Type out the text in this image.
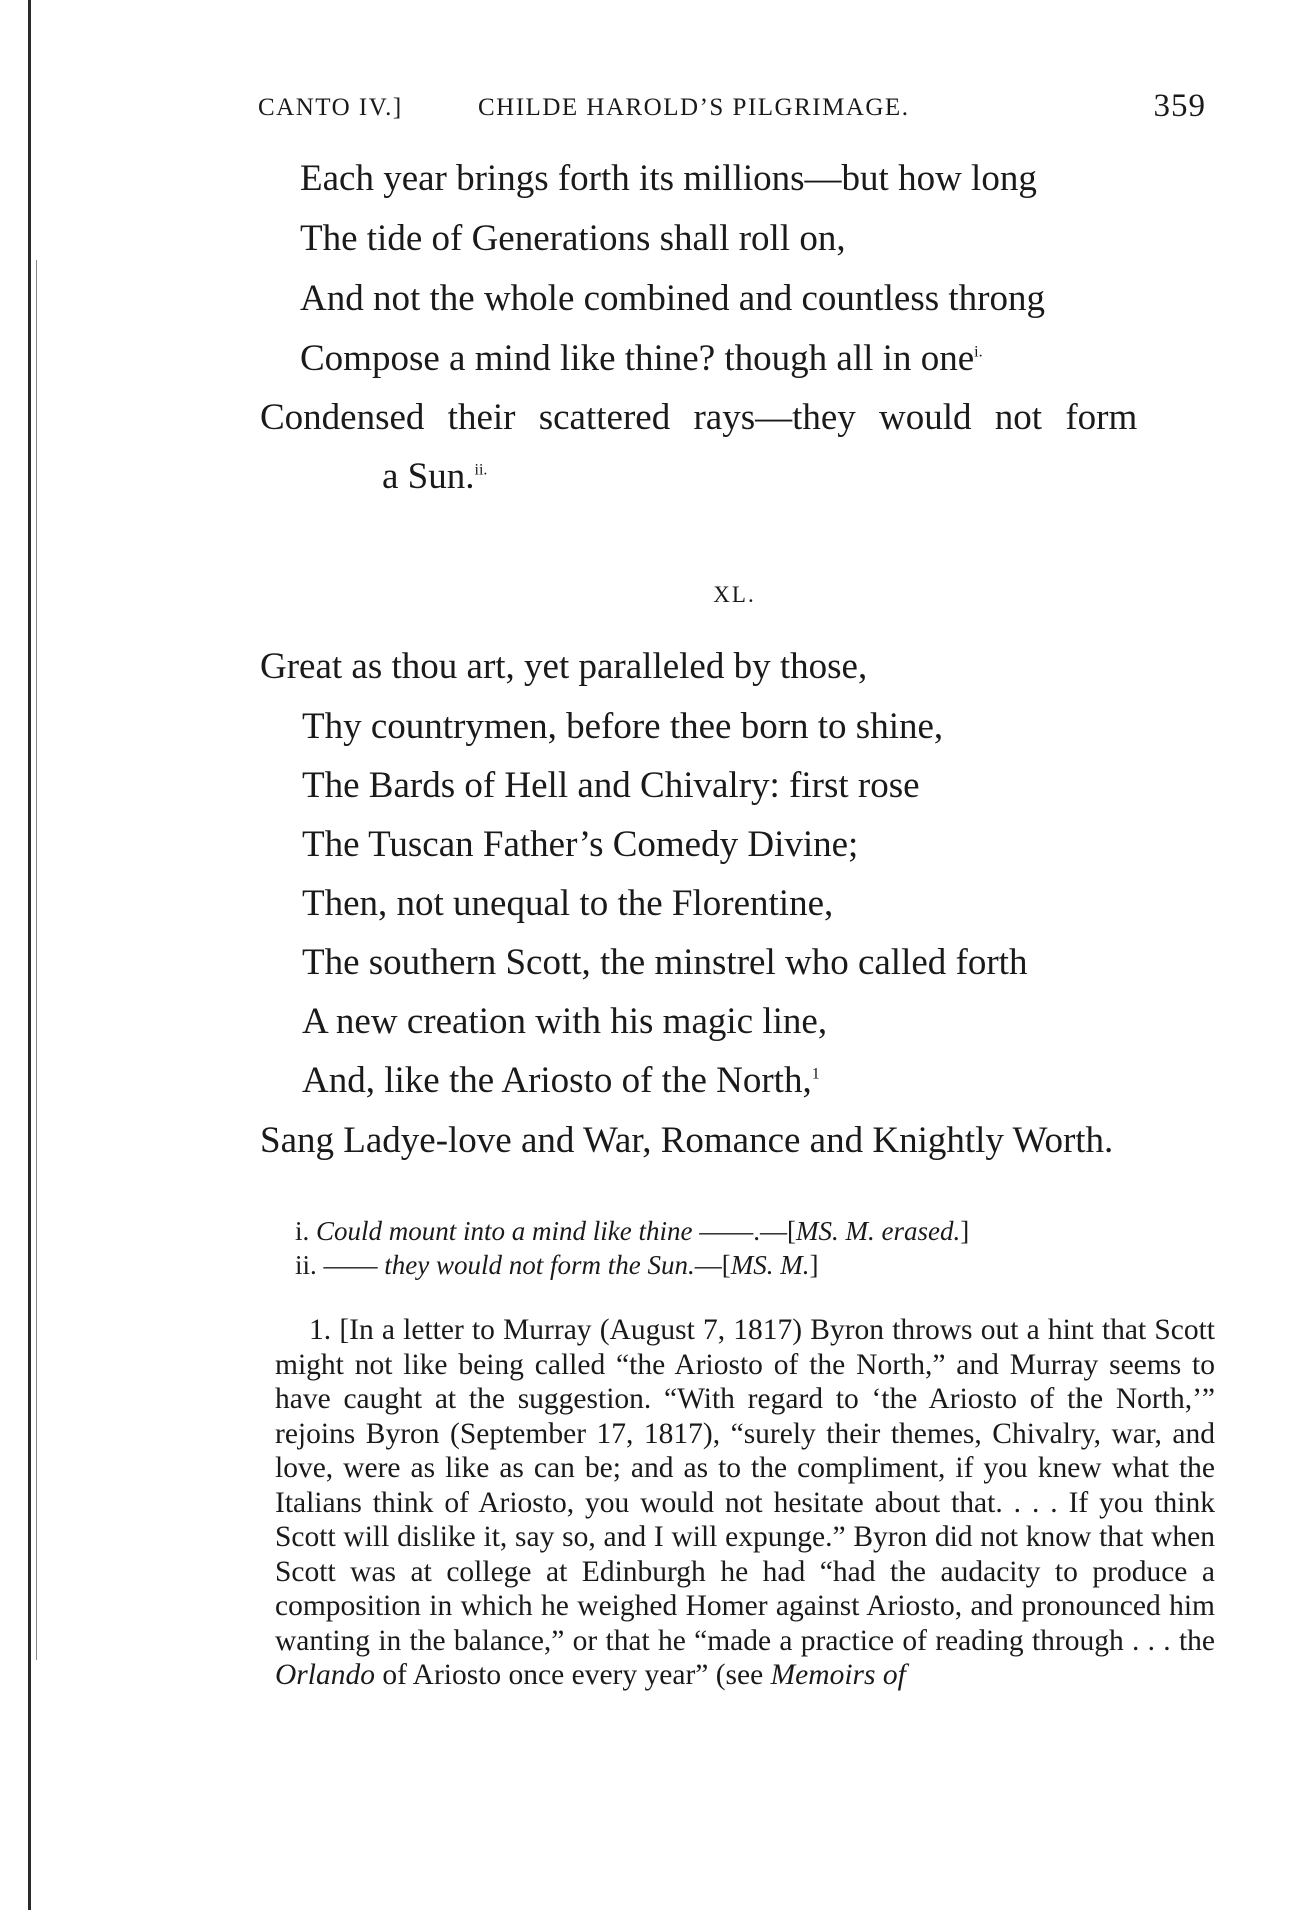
CANTO IV.]	CHILDE HAROLD’S PILGRIMAGE.	359
Each year brings forth its millions—but how long
The tide of Generations shall roll on,
And not the whole combined and countless throng
Compose a mind like thine? though all in one$^{i.}$
Condensed their scattered rays—they would not form
a Sun.$^{ii.}$
XL.
Great as thou art, yet paralleled by those,
Thy countrymen, before thee born to shine,
The Bards of Hell and Chivalry: first rose
The Tuscan Father’s Comedy Divine;
Then, not unequal to the Florentine,
The southern Scott, the minstrel who called forth
A new creation with his magic line,
And, like the Ariosto of the North,$^1$
Sang Ladye-love and War, Romance and Knightly Worth.
i. Could mount into a mind like thine ——.—[MS. M. erased.]
ii. —— they would not form the Sun.—[MS. M.]

1. [In a letter to Murray (August 7, 1817) Byron throws out a hint that Scott might not like being called “the Ariosto of the North,” and Murray seems to have caught at the suggestion. “With regard to ‘the Ariosto of the North,’” rejoins Byron (September 17, 1817), “surely their themes, Chivalry, war, and love, were as like as can be; and as to the compliment, if you knew what the Italians think of Ariosto, you would not hesitate about that. . . . If you think Scott will dislike it, say so, and I will expunge.” Byron did not know that when Scott was at college at Edinburgh he had “had the audacity to produce a composition in which he weighed Homer against Ariosto, and pronounced him wanting in the balance,” or that he “made a practice of reading through . . . the Orlando of Ariosto once every year” (see Memoirs of
